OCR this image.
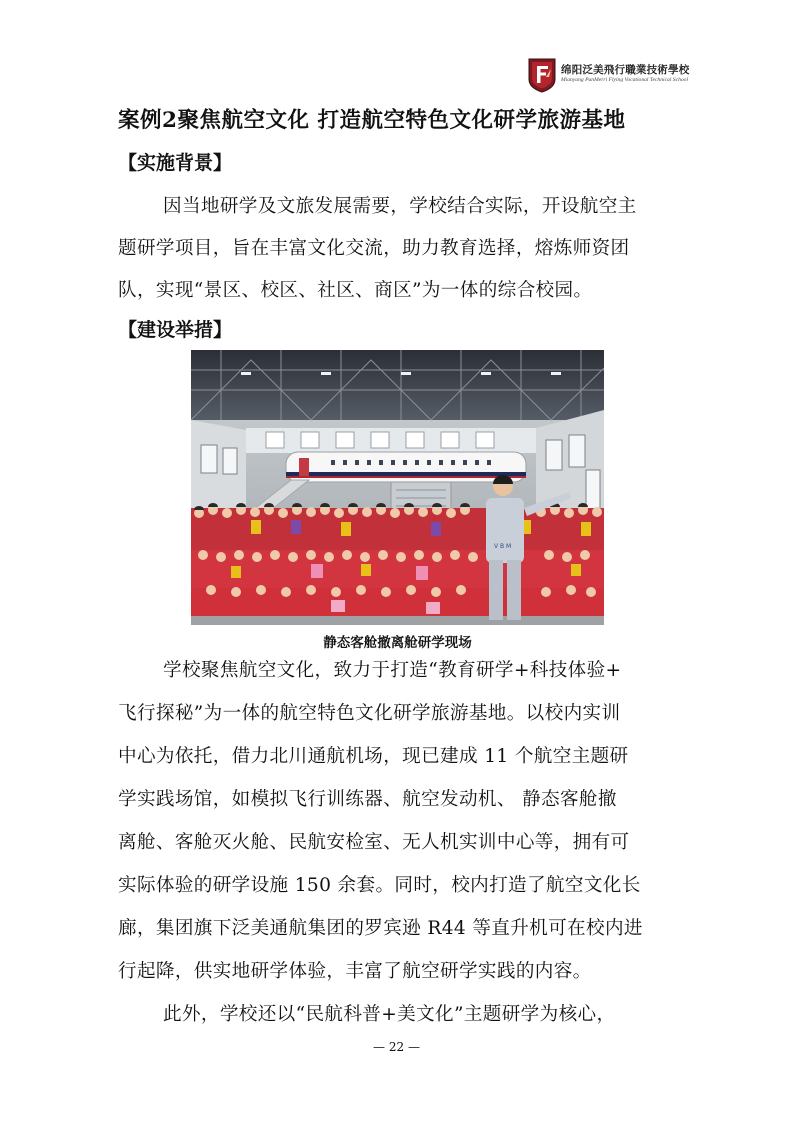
绵阳泛美飛行職業技術學校
Mianyang PanMerri Flying Vocational Technical School
案例2聚焦航空文化 打造航空特色文化研学旅游基地
【实施背景】
因当地研学及文旅发展需要，学校结合实际，开设航空主
题研学项目，旨在丰富文化交流，助力教育选择，熔炼师资团
队，实现“景区、校区、社区、商区”为一体的综合校园。
【建设举措】
V B M
静态客舱撤离舱研学现场
学校聚焦航空文化，致力于打造“教育研学+科技体验+
飞行探秘”为一体的航空特色文化研学旅游基地。以校内实训
中心为依托，借力北川通航机场，现已建成 11 个航空主题研
学实践场馆，如模拟飞行训练器、航空发动机、 静态客舱撤
离舱、客舱灭火舱、民航安检室、无人机实训中心等，拥有可
实际体验的研学设施 150 余套。同时，校内打造了航空文化长
廊，集团旗下泛美通航集团的罗宾逊 R44 等直升机可在校内进
行起降，供实地研学体验，丰富了航空研学实践的内容。
此外，学校还以“民航科普+美文化”主题研学为核心，
— 22 —
